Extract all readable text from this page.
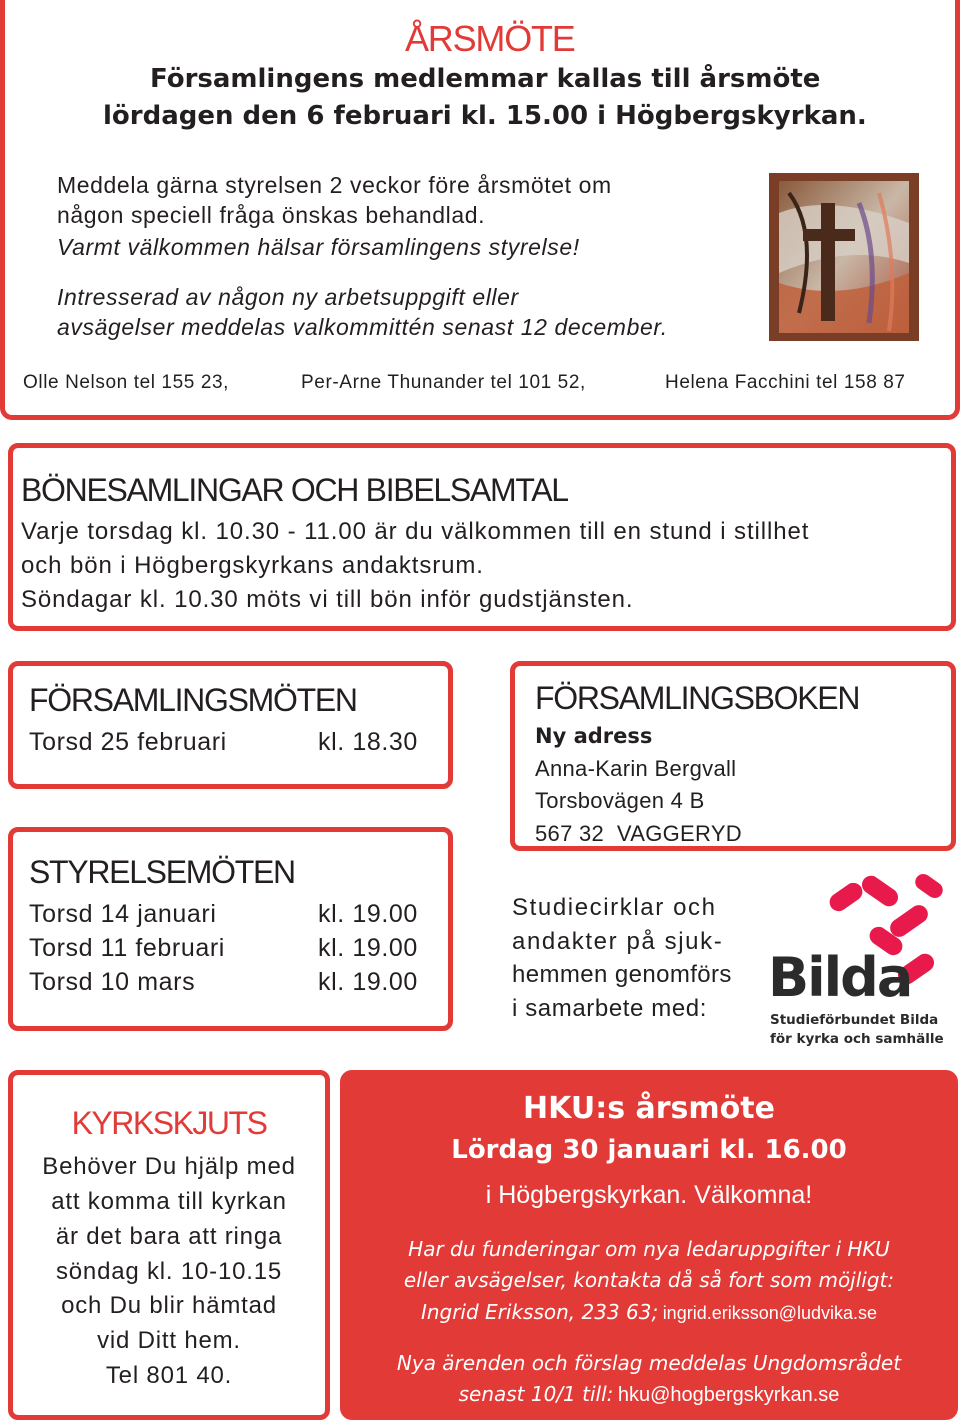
ÅRSMÖTE
Församlingens medlemmar kallas till årsmöte
lördagen den 6 februari kl. 15.00 i Högbergskyrkan.
Meddela gärna styrelsen 2 veckor före årsmötet om
någon speciell fråga önskas behandlad.
Varmt välkommen hälsar församlingens styrelse!
Intresserad av någon ny arbetsuppgift eller
avsägelser meddelas valkommittén senast 12 december.
Olle Nelson tel 155 23,	Per-Arne Thunander tel 101 52,	Helena Facchini tel 158 87
BÖNESAMLINGAR OCH BIBELSAMTAL
Varje torsdag kl. 10.30 - 11.00 är du välkommen till en stund i stillhet
och bön i Högbergskyrkans andaktsrum.
Söndagar kl. 10.30 möts vi till bön inför gudstjänsten.
FÖRSAMLINGSMÖTEN
Torsd 25 februari	kl. 18.30
STYRELSEMÖTEN
Torsd 14 januari	kl. 19.00
Torsd 11 februari	kl. 19.00
Torsd 10 mars	kl. 19.00
FÖRSAMLINGSBOKEN
Ny adress
Anna-Karin Bergvall
Torsbovägen 4 B
567 32  VAGGERYD
Studiecirklar och
andakter på sjuk-
hemmen genomförs
i samarbete med: Bilda
Studieförbundet Bilda
för kyrka och samhälle
KYRKSKJUTS
Behöver Du hjälp med
att komma till kyrkan
är det bara att ringa
söndag kl. 10-10.15
och Du blir hämtad
vid Ditt hem.
Tel 801 40.
HKU:s årsmöte
Lördag 30 januari kl. 16.00
i Högbergskyrkan. Välkomna!
Har du funderingar om nya ledaruppgifter i HKU
eller avsägelser, kontakta då så fort som möjligt:
Ingrid Eriksson, 233 63; ingrid.eriksson@ludvika.se
Nya ärenden och förslag meddelas Ungdomsrådet
senast 10/1 till: hku@hogbergskyrkan.se
